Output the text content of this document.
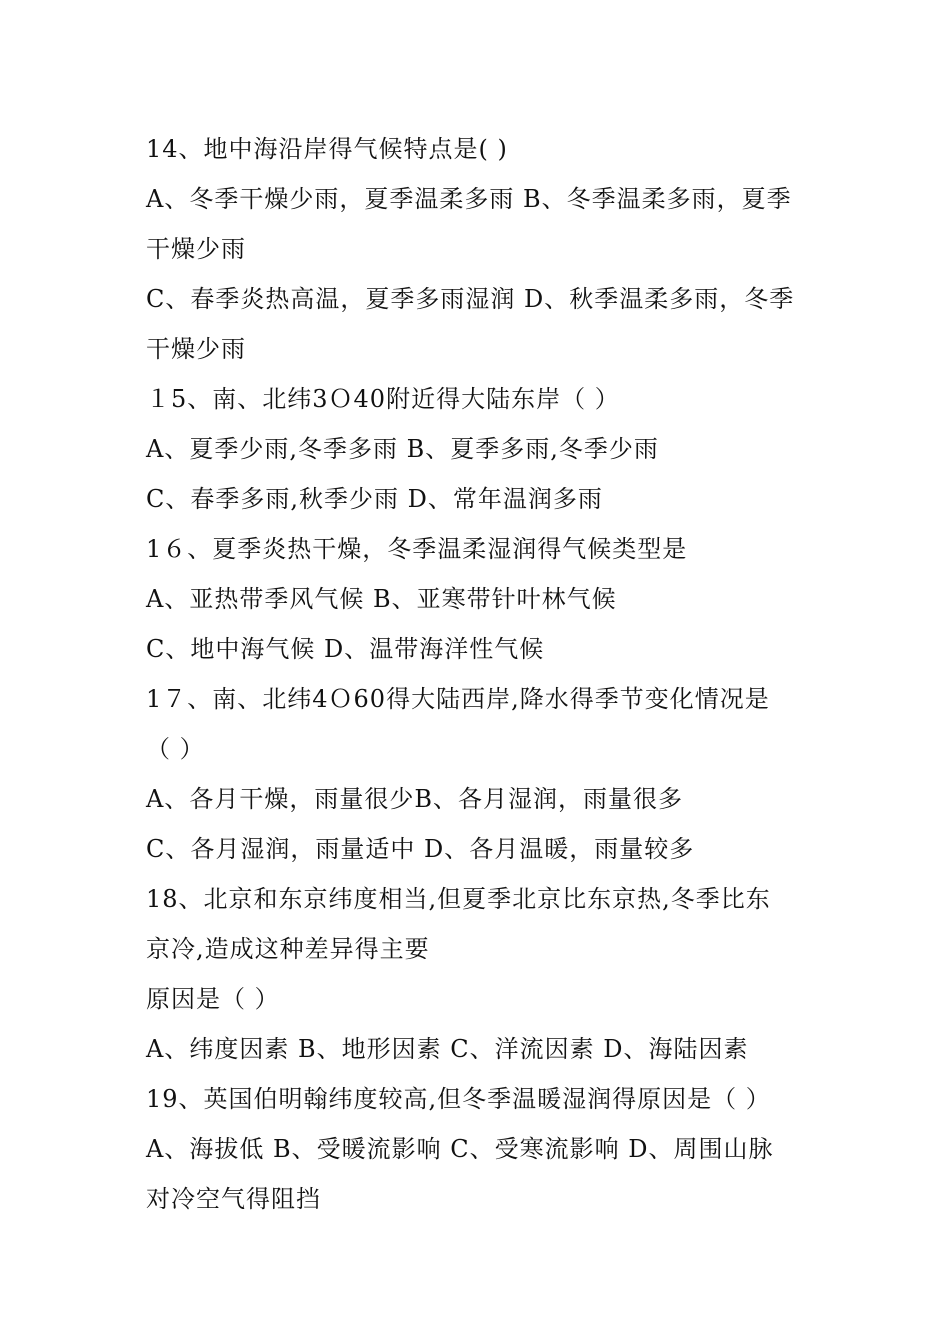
14、地中海沿岸得气候特点是( )
A、冬季干燥少雨，夏季温柔多雨 B、冬季温柔多雨，夏季
干燥少雨
C、春季炎热高温，夏季多雨湿润 D、秋季温柔多雨，冬季
干燥少雨
１5、南、北纬3Ｏ40附近得大陆东岸（ ）
A、夏季少雨,冬季多雨 B、夏季多雨,冬季少雨
C、春季多雨,秋季少雨 D、常年温润多雨
1６、夏季炎热干燥，冬季温柔湿润得气候类型是
A、亚热带季风气候 B、亚寒带针叶林气候
C、地中海气候 D、温带海洋性气候
1７、南、北纬4Ｏ60得大陆西岸,降水得季节变化情况是
（ ）
A、各月干燥，雨量很少B、各月湿润，雨量很多
C、各月湿润，雨量适中 D、各月温暖，雨量较多
18、北京和东京纬度相当,但夏季北京比东京热,冬季比东
京冷,造成这种差异得主要
原因是（ ）
A、纬度因素 B、地形因素 C、洋流因素 D、海陆因素
19、英国伯明翰纬度较高,但冬季温暖湿润得原因是（ ）
A、海拔低 B、受暖流影响 C、受寒流影响 D、周围山脉
对冷空气得阻挡
